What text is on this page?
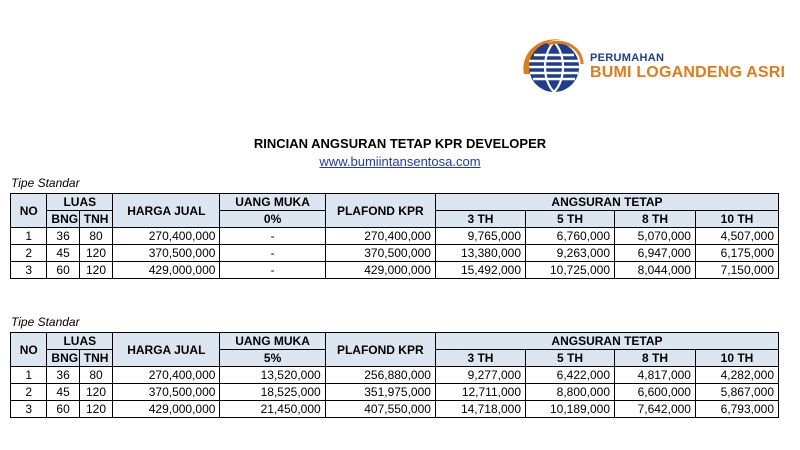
PERUMAHAN
BUMI LOGANDENG ASRI
RINCIAN ANGSURAN TETAP KPR DEVELOPER
www.bumiintansentosa.com
Tipe Standar
NO	LUAS		HARGA JUAL	UANG MUKA	PLAFOND KPR	ANGSURAN TETAP			
	BNG	TNH		0%		3 TH	5 TH	8 TH	10 TH
1	36	80	270,400,000	-	270,400,000	9,765,000	6,760,000	5,070,000	4,507,000
2	45	120	370,500,000	-	370,500,000	13,380,000	9,263,000	6,947,000	6,175,000
3	60	120	429,000,000	-	429,000,000	15,492,000	10,725,000	8,044,000	7,150,000
Tipe Standar
NO	LUAS		HARGA JUAL	UANG MUKA	PLAFOND KPR	ANGSURAN TETAP			
	BNG	TNH		5%		3 TH	5 TH	8 TH	10 TH
1	36	80	270,400,000	13,520,000	256,880,000	9,277,000	6,422,000	4,817,000	4,282,000
2	45	120	370,500,000	18,525,000	351,975,000	12,711,000	8,800,000	6,600,000	5,867,000
3	60	120	429,000,000	21,450,000	407,550,000	14,718,000	10,189,000	7,642,000	6,793,000
